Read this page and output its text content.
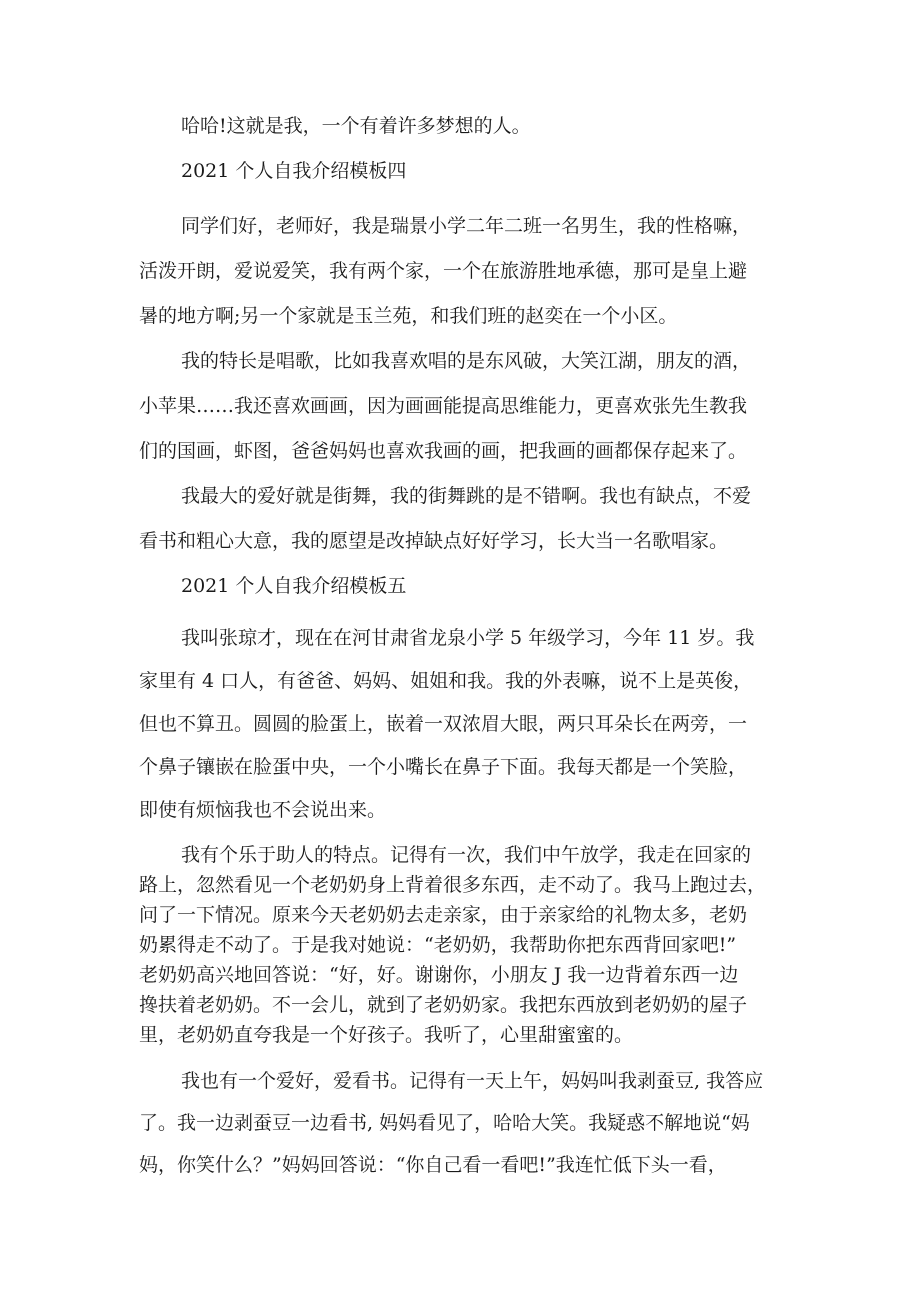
哈哈!这就是我，一个有着许多梦想的人。

2021 个人自我介绍模板四

同学们好，老师好，我是瑞景小学二年二班一名男生，我的性格嘛，

活泼开朗，爱说爱笑，我有两个家，一个在旅游胜地承德，那可是皇上避

暑的地方啊;另一个家就是玉兰苑，和我们班的赵奕在一个小区。

我的特长是唱歌，比如我喜欢唱的是东风破，大笑江湖，朋友的酒，

小苹果……我还喜欢画画，因为画画能提高思维能力，更喜欢张先生教我

们的国画，虾图，爸爸妈妈也喜欢我画的画，把我画的画都保存起来了。

我最大的爱好就是街舞，我的街舞跳的是不错啊。我也有缺点，不爱

看书和粗心大意，我的愿望是改掉缺点好好学习，长大当一名歌唱家。

2021 个人自我介绍模板五

我叫张琼才，现在在河甘肃省龙泉小学 5 年级学习，今年 11 岁。我

家里有 4 口人，有爸爸、妈妈、姐姐和我。我的外表嘛，说不上是英俊，

但也不算丑。圆圆的脸蛋上，嵌着一双浓眉大眼，两只耳朵长在两旁，一

个鼻子镶嵌在脸蛋中央，一个小嘴长在鼻子下面。我每天都是一个笑脸，

即使有烦恼我也不会说出来。

我有个乐于助人的特点。记得有一次，我们中午放学，我走在回家的

路上，忽然看见一个老奶奶身上背着很多东西，走不动了。我马上跑过去，

问了一下情况。原来今天老奶奶去走亲家，由于亲家给的礼物太多，老奶

奶累得走不动了。于是我对她说：“老奶奶，我帮助你把东西背回家吧!”

老奶奶高兴地回答说：“好，好。谢谢你，小朋友 J 我一边背着东西一边

搀扶着老奶奶。不一会儿，就到了老奶奶家。我把东西放到老奶奶的屋子

里，老奶奶直夸我是一个好孩子。我听了，心里甜蜜蜜的。

我也有一个爱好，爱看书。记得有一天上午，妈妈叫我剥蚕豆, 我答应

了。我一边剥蚕豆一边看书, 妈妈看见了，哈哈大笑。我疑惑不解地说“妈

妈，你笑什么？”妈妈回答说：“你自己看一看吧!”我连忙低下头一看，
